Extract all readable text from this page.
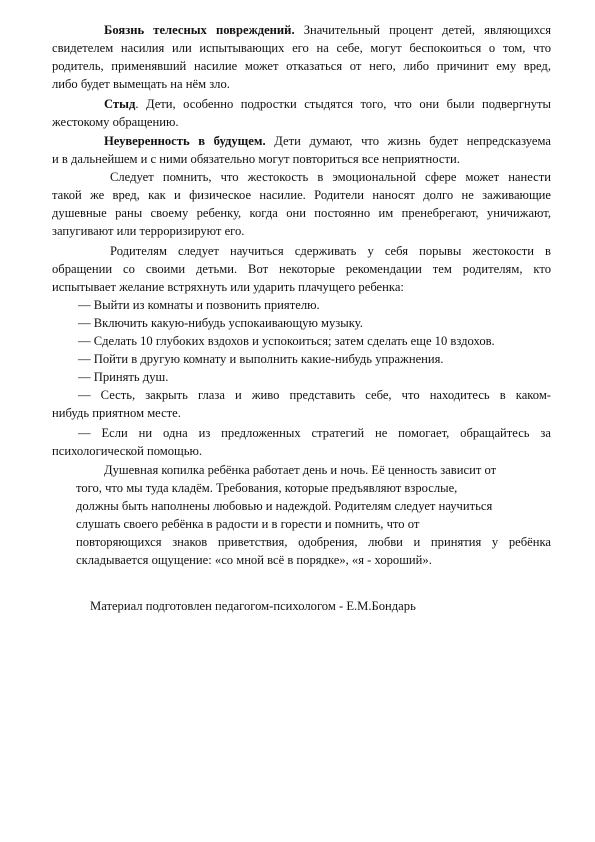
Боязнь телесных повреждений. Значительный процент детей, являющихся
свидетелем насилия или испытывающих его на себе, могут беспокоиться о том, что
родитель, применявший насилие может отказаться от него, либо причинит ему вред,
либо будет вымещать на нём зло.
Стыд. Дети, особенно подростки стыдятся того, что они были подвергнуты
жестокому обращению.
Неуверенность в будущем. Дети думают, что жизнь будет непредсказуема
и в дальнейшем и с ними обязательно могут повториться все неприятности.
Следует помнить, что жестокость в эмоциональной сфере может нанести
такой же вред, как и физическое насилие. Родители наносят долго не заживающие
душевные раны своему ребенку, когда они постоянно им пренебрегают, уничижают,
запугивают или терроризируют его.
Родителям следует научиться сдерживать у себя порывы жестокости в
обращении со своими детьми. Вот некоторые рекомендации тем родителям, кто
испытывает желание встряхнуть или ударить плачущего ребенка:
— Выйти из комнаты и позвонить приятелю.
— Включить какую-нибудь успокаивающую музыку.
— Сделать 10 глубоких вздохов и успокоиться; затем сделать еще 10 вздохов.
— Пойти в другую комнату и выполнить какие-нибудь упражнения.
— Принять душ.
— Сесть, закрыть глаза и живо представить себе, что находитесь в каком-
нибудь приятном месте.
— Если ни одна из предложенных стратегий не помогает, обращайтесь за
психологической помощью.
Душевная копилка ребёнка работает день и ночь. Её ценность зависит от
того, что мы туда кладём. Требования, которые предъявляют взрослые,
должны быть наполнены любовью и надеждой. Родителям следует научиться
слушать своего ребёнка в радости и в горести и помнить, что от
повторяющихся знаков приветствия, одобрения, любви и принятия у ребёнка
складывается ощущение: «со мной всё в порядке», «я - хороший».
Материал подготовлен педагогом-психологом - Е.М.Бондарь
